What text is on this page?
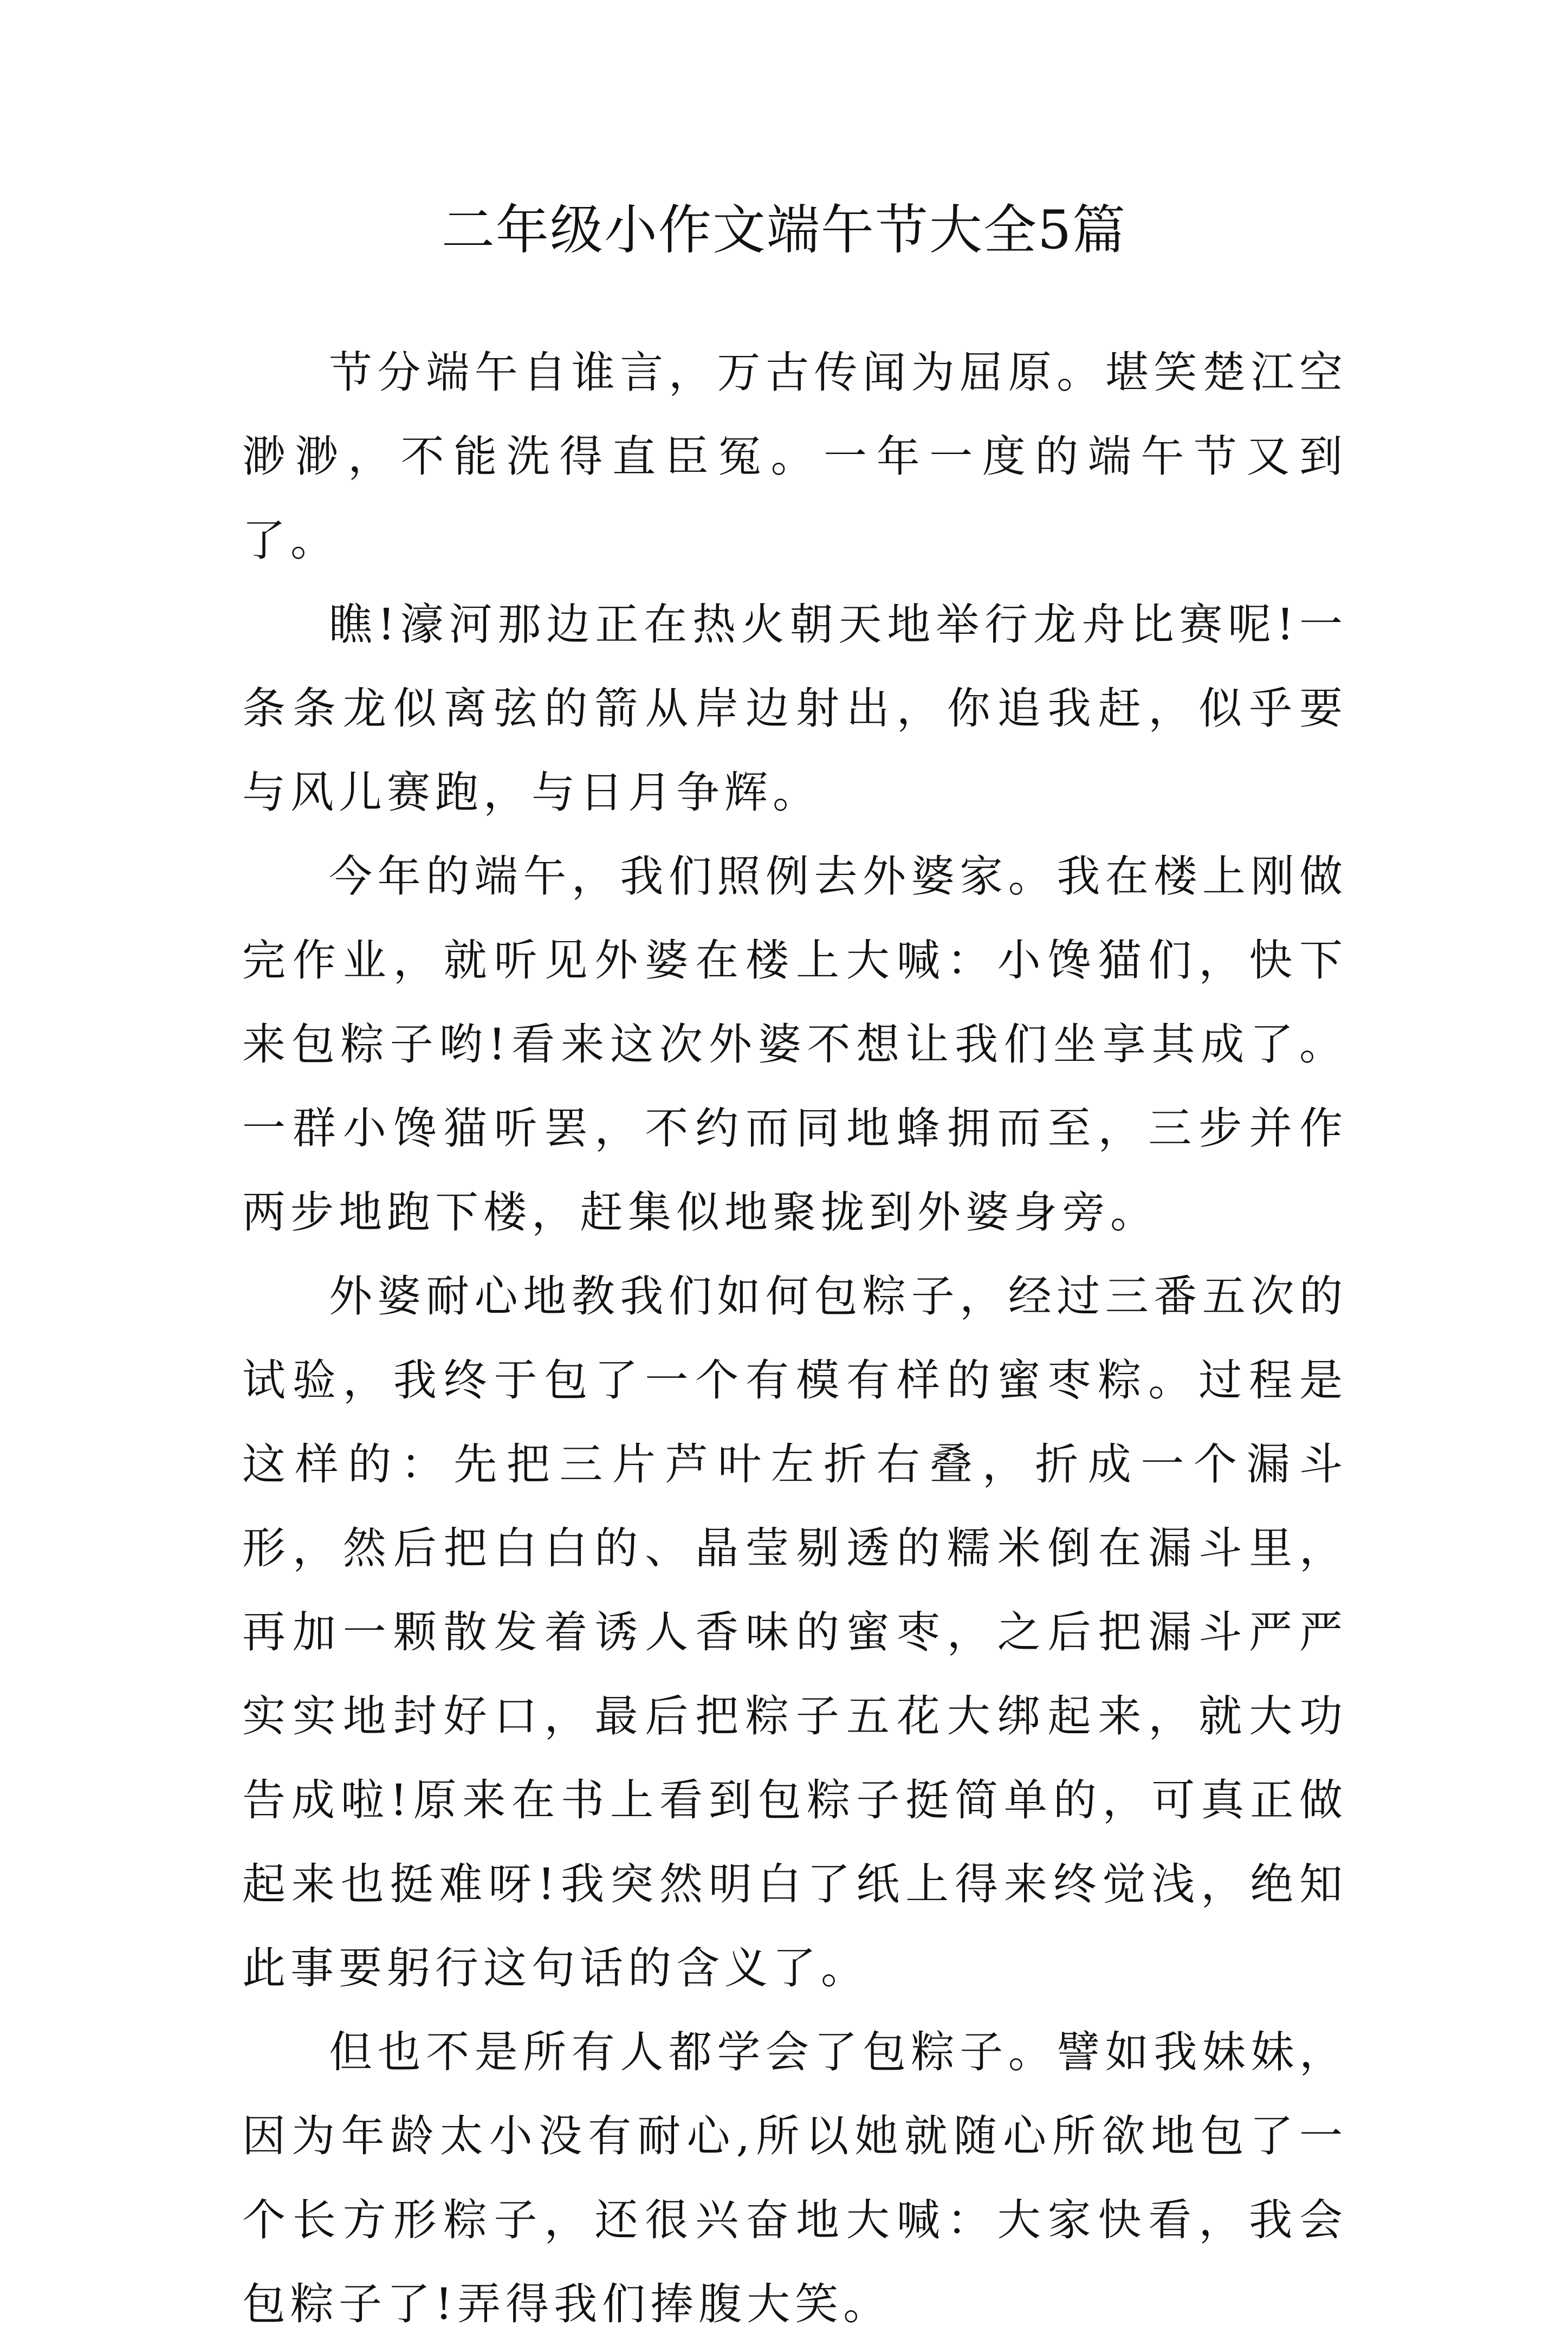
二年级小作文端午节大全5篇

节分端午自谁言，万古传闻为屈原。堪笑楚江空渺渺，不能洗得直臣冤。一年一度的端午节又到了。

瞧!濠河那边正在热火朝天地举行龙舟比赛呢!一条条龙似离弦的箭从岸边射出，你追我赶，似乎要与风儿赛跑，与日月争辉。

今年的端午，我们照例去外婆家。我在楼上刚做完作业，就听见外婆在楼上大喊：小馋猫们，快下来包粽子哟!看来这次外婆不想让我们坐享其成了。一群小馋猫听罢，不约而同地蜂拥而至，三步并作两步地跑下楼，赶集似地聚拢到外婆身旁。

外婆耐心地教我们如何包粽子，经过三番五次的试验，我终于包了一个有模有样的蜜枣粽。过程是这样的：先把三片芦叶左折右叠，折成一个漏斗形，然后把白白的、晶莹剔透的糯米倒在漏斗里，再加一颗散发着诱人香味的蜜枣，之后把漏斗严严实实地封好口，最后把粽子五花大绑起来，就大功告成啦!原来在书上看到包粽子挺简单的，可真正做起来也挺难呀!我突然明白了纸上得来终觉浅，绝知此事要躬行这句话的含义了。

但也不是所有人都学会了包粽子。譬如我妹妹，因为年龄太小没有耐心,所以她就随心所欲地包了一个长方形粽子，还很兴奋地大喊：大家快看，我会包粽子了!弄得我们捧腹大笑。
